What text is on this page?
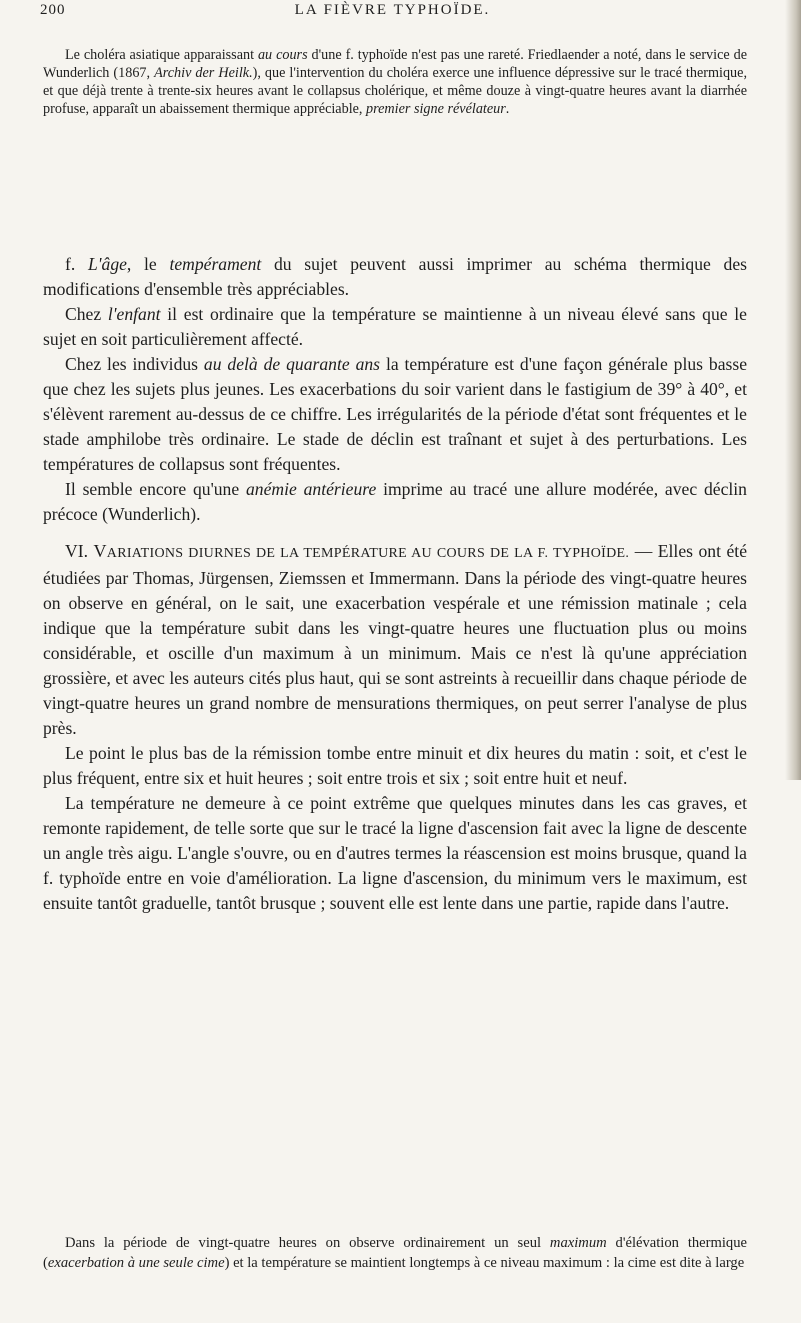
200	LA FIÈVRE TYPHOÏDE.

Le choléra asiatique apparaissant au cours d'une f. typhoïde n'est pas une rareté. Friedlaender a noté, dans le service de Wunderlich (1867, Archiv der Heilk.), que l'intervention du choléra exerce une influence dépressive sur le tracé thermique, et que déjà trente à trente-six heures avant le collapsus cholérique, et même douze à vingt-quatre heures avant la diarrhée profuse, apparaît un abaissement thermique appréciable, premier signe révélateur.

f. L'âge, le tempérament du sujet peuvent aussi imprimer au schéma thermique des modifications d'ensemble très appréciables.

Chez l'enfant il est ordinaire que la température se maintienne à un niveau élevé sans que le sujet en soit particulièrement affecté.

Chez les individus au delà de quarante ans la température est d'une façon générale plus basse que chez les sujets plus jeunes. Les exacerbations du soir varient dans le fastigium de 39° à 40°, et s'élèvent rarement au-dessus de ce chiffre. Les irrégularités de la période d'état sont fréquentes et le stade amphilobe très ordinaire. Le stade de déclin est traînant et sujet à des perturbations. Les températures de collapsus sont fréquentes.

Il semble encore qu'une anémie antérieure imprime au tracé une allure modérée, avec déclin précoce (Wunderlich).

VI. VARIATIONS DIURNES DE LA TEMPÉRATURE AU COURS DE LA F. TYPHOÏDE. — Elles ont été étudiées par Thomas, Jürgensen, Ziemssen et Immermann. Dans la période des vingt-quatre heures on observe en général, on le sait, une exacerbation vespérale et une rémission matinale ; cela indique que la température subit dans les vingt-quatre heures une fluctuation plus ou moins considérable, et oscille d'un maximum à un minimum. Mais ce n'est là qu'une appréciation grossière, et avec les auteurs cités plus haut, qui se sont astreints à recueillir dans chaque période de vingt-quatre heures un grand nombre de mensurations thermiques, on peut serrer l'analyse de plus près.

Le point le plus bas de la rémission tombe entre minuit et dix heures du matin : soit, et c'est le plus fréquent, entre six et huit heures ; soit entre trois et six ; soit entre huit et neuf.

La température ne demeure à ce point extrême que quelques minutes dans les cas graves, et remonte rapidement, de telle sorte que sur le tracé la ligne d'ascension fait avec la ligne de descente un angle très aigu. L'angle s'ouvre, ou en d'autres termes la réascension est moins brusque, quand la f. typhoïde entre en voie d'amélioration. La ligne d'ascension, du minimum vers le maximum, est ensuite tantôt graduelle, tantôt brusque ; souvent elle est lente dans une partie, rapide dans l'autre.

Dans la période de vingt-quatre heures on observe ordinairement un seul maximum d'élévation thermique (exacerbation à une seule cime) et la température se maintient longtemps à ce niveau maximum : la cime est dite à large
